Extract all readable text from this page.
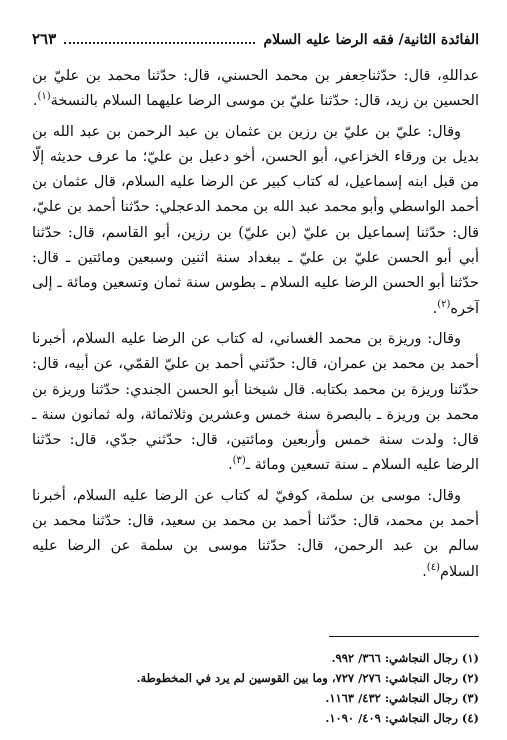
الفائدة الثانية/ فقه الرضا عليه السلام
٢٦٣

عداللهِ، قال: حدّثناجعفر بن محمد الحسني، قال: حدّثنا محمد بن عليّ بن الحسين بن زيد، قال: حدّثنا عليّ بن موسى الرضا عليهما السلام بالنسخة$^{(١)}$.

وقال: عليّ بن عليّ بن رزين بن عثمان بن عبد الرحمن بن عبد الله بن بديل بن ورقاء الخزاعي، أبو الحسن، أخو دعبل بن عليّ؛ ما عرف حديثه إلّا من قبل ابنه إسماعيل، له كتاب كبير عن الرضا عليه السلام، قال عثمان بن أحمد الواسطي وأبو محمد عبد الله بن محمد الدعجلي: حدّثنا أحمد بن عليّ، قال: حدّثنا إسماعيل بن عليّ (بن عليّ) بن رزين، أبو القاسم، قال: حدّثنا أبي أبو الحسن عليّ بن عليّ ـ ببغداد سنة اثنين وسبعين ومائتين ـ قال: حدّثنا أبو الحسن الرضا عليه السلام ـ بطوس سنة ثمان وتسعين ومائة ـ إلى آخره$^{(٢)}$.

وقال: وريزة بن محمد الغساني، له كتاب عن الرضا عليه السلام، أخبرنا أحمد بن محمد بن عمران، قال: حدّثني أحمد بن عليّ القمّي، عن أبيه، قال: حدّثنا وريزة بن محمد بكتابه. قال شيخنا أبو الحسن الجندي: حدّثنا وريزة بن محمد بن وريزة ـ بالبصرة سنة خمس وعشرين وثلاثمائة، وله ثمانون سنة ـ قال: ولدت سنة خمس وأربعين ومائتين، قال: حدّثني جدّي، قال: حدّثنا الرضا عليه السلام ـ سنة تسعين ومائة ـ$^{(٣)}$.

وقال: موسى بن سلمة، كوفيّ له كتاب عن الرضا عليه السلام، أخبرنا أحمد بن محمد، قال: حدّثنا أحمد بن محمد بن سعيد، قال: حدّثنا محمد بن سالم بن عبد الرحمن، قال: حدّثنا موسى بن سلمة عن الرضا عليه السلام$^{(٤)}$.

(١) رجال النجاشي: ٣٦٦/ ٩٩٢.

(٢) رجال النجاشي: ٢٧٦/ ٧٢٧، وما بين القوسين لم يرد في المخطوطة.

(٣) رجال النجاشي: ٤٣٢/ ١١٦٣.

(٤) رجال النجاشي: ٤٠٩/ ١٠٩٠.
